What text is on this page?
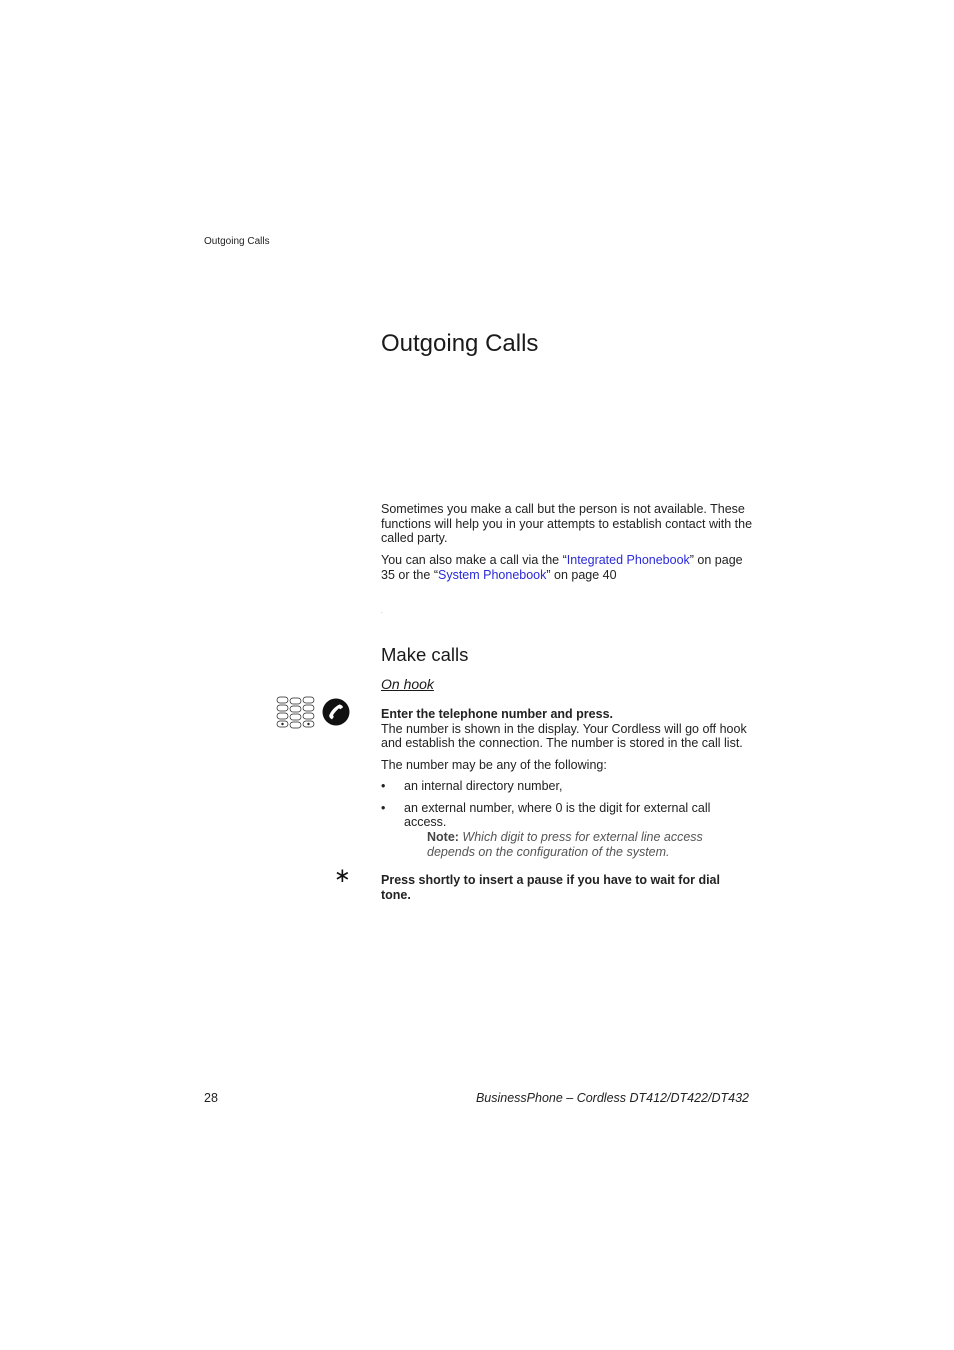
Outgoing Calls
Outgoing Calls
Sometimes you make a call but the person is not available. These functions will help you in your attempts to establish contact with the called party.
You can also make a call via the “Integrated Phonebook” on page 35 or the “System Phonebook” on page 40
.
Make calls
On hook
Enter the telephone number and press.
The number is shown in the display. Your Cordless will go off hook and establish the connection. The number is stored in the call list.
The number may be any of the following:
• an internal directory number,
• an external number, where 0 is the digit for external call access.
Note: Which digit to press for external line access depends on the configuration of the system.
∗ Press shortly to insert a pause if you have to wait for dial tone.
28	BusinessPhone – Cordless DT412/DT422/DT432
